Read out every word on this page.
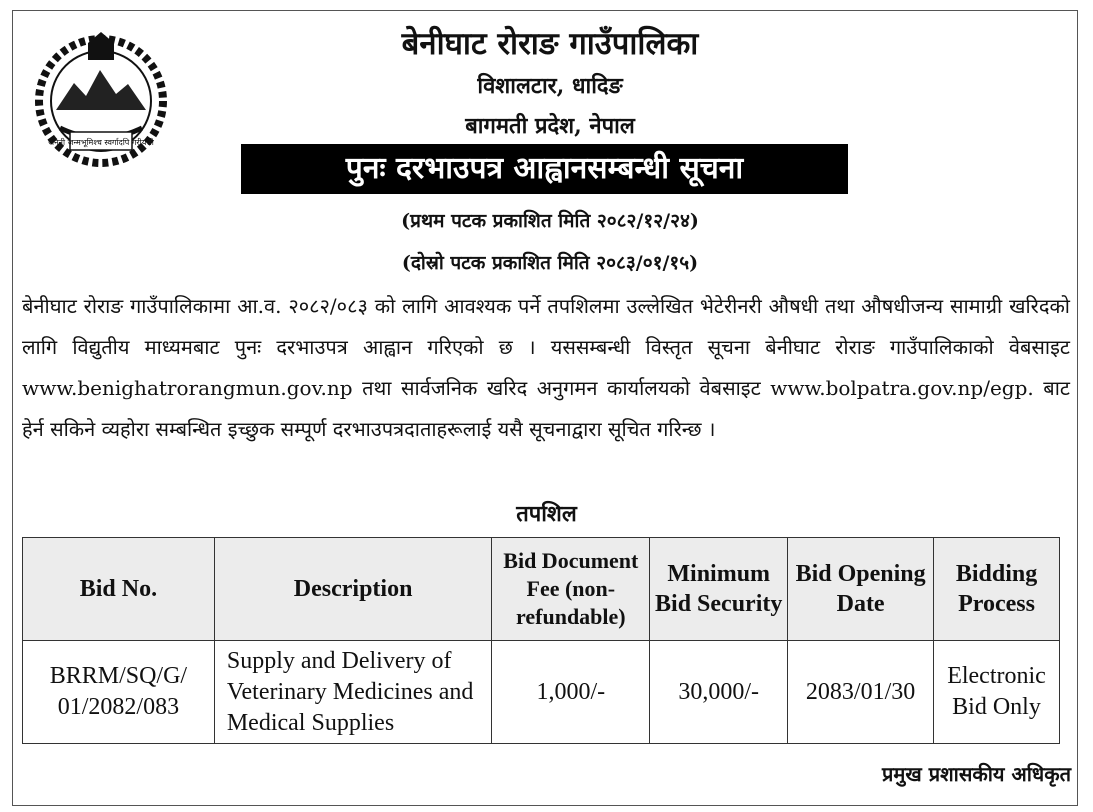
जननी जन्मभूमिश्च स्वर्गादपि गरीयसी
बेनीघाट रोराङ गाउँपालिका
विशालटार, धादिङ
बागमती प्रदेश, नेपाल
पुनः दरभाउपत्र आह्वानसम्बन्धी सूचना
(प्रथम पटक प्रकाशित मिति २०८२/१२/२४)
(दोस्रो पटक प्रकाशित मिति २०८३/०१/१५)
बेनीघाट रोराङ गाउँपालिकामा आ.व. २०८२/०८३ को लागि आवश्यक पर्ने तपशिलमा उल्लेखित भेटेरीनरी औषधी तथा औषधीजन्य सामाग्री खरिदको लागि विद्युतीय माध्यमबाट पुनः दरभाउपत्र आह्वान गरिएको छ । यससम्बन्धी विस्तृत सूचना बेनीघाट रोराङ गाउँपालिकाको वेबसाइट www.benighatrorangmun.gov.np तथा सार्वजनिक खरिद अनुगमन कार्यालयको वेबसाइट www.bolpatra.gov.np/egp. बाट हेर्न सकिने व्यहोरा सम्बन्धित इच्छुक सम्पूर्ण दरभाउपत्रदाताहरूलाई यसै सूचनाद्वारा सूचित गरिन्छ ।
तपशिल
Bid No.	Description	Bid Document Fee (non-refundable)	Minimum Bid Security	Bid Opening Date	Bidding Process
BRRM/SQ/G/ 01/2082/083	Supply and Delivery of Veterinary Medicines and Medical Supplies	1,000/-	30,000/-	2083/01/30	Electronic Bid Only
प्रमुख प्रशासकीय अधिकृत
